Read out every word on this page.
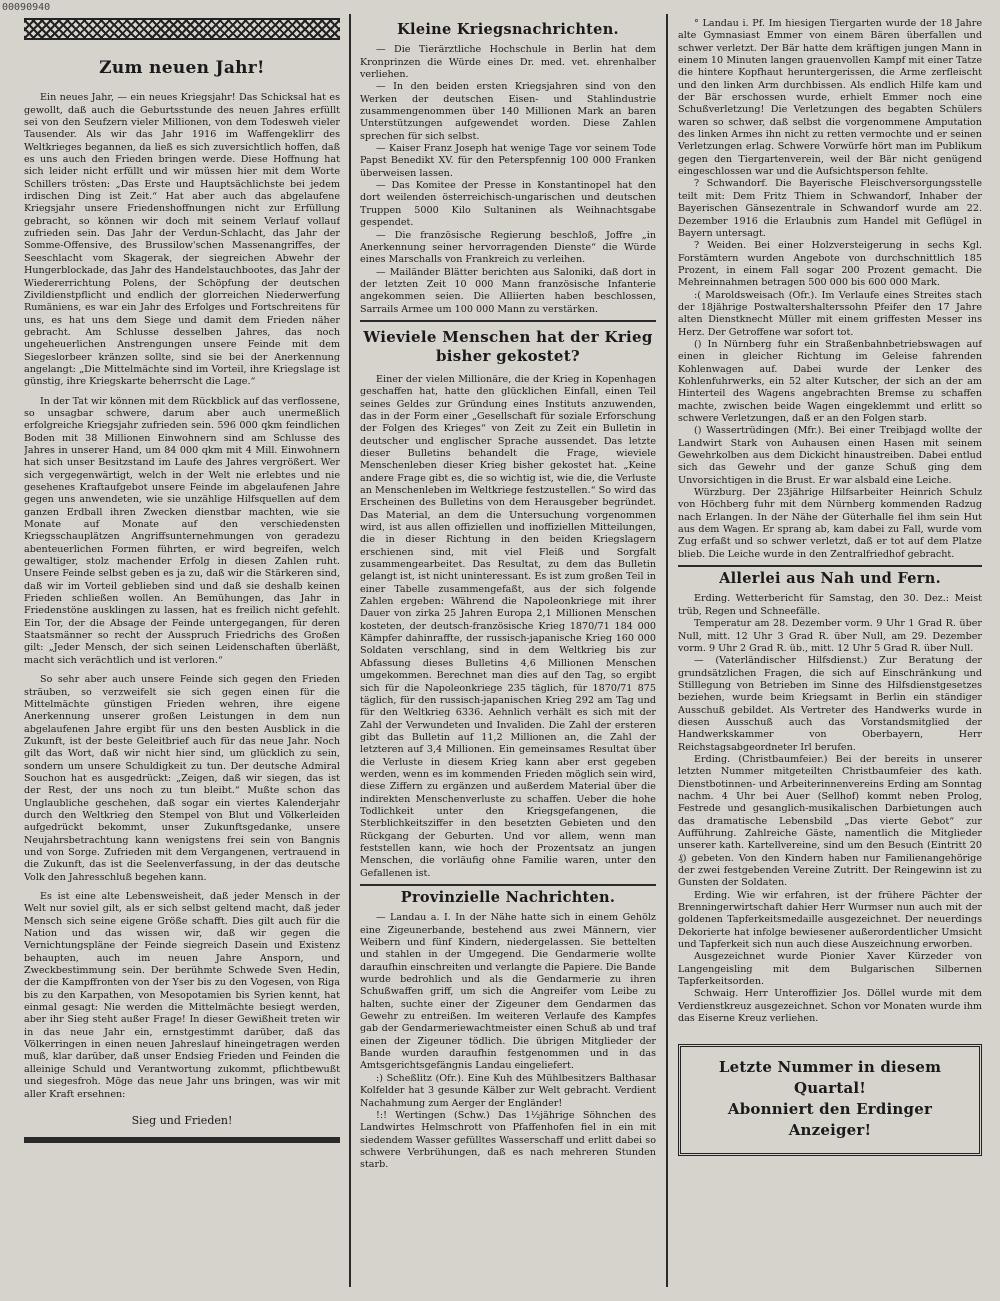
00090940
Zum neuen Jahr!

Ein neues Jahr, — ein neues Kriegsjahr! Das Schicksal hat es gewollt, daß auch die Geburtsstunde des neuen Jahres erfüllt sei von den Seufzern vieler Millionen, von dem Todesweh vieler Tausender. Als wir das Jahr 1916 im Waffengeklirr des Weltkrieges begannen, da ließ es sich zuversichtlich hoffen, daß es uns auch den Frieden bringen werde. Diese Hoffnung hat sich leider nicht erfüllt und wir müssen hier mit dem Worte Schillers trösten: „Das Erste und Hauptsächlichste bei jedem irdischen Ding ist Zeit.“ Hat aber auch das abgelaufene Kriegsjahr unsere Friedenshoffnungen nicht zur Erfüllung gebracht, so können wir doch mit seinem Verlauf vollauf zufrieden sein. Das Jahr der Verdun-Schlacht, das Jahr der Somme-Offensive, des Brussilow'schen Massenangriffes, der Seeschlacht vom Skagerak, der siegreichen Abwehr der Hungerblockade, das Jahr des Handelstauchbootes, das Jahr der Wiedererrichtung Polens, der Schöpfung der deutschen Zivildienstpflicht und endlich der glorreichen Niederwerfung Rumäniens, es war ein Jahr des Erfolges und Fortschreitens für uns, es hat uns dem Siege und damit dem Frieden näher gebracht. Am Schlusse desselben Jahres, das noch ungeheuerlichen Anstrengungen unsere Feinde mit dem Siegeslorbeer kränzen sollte, sind sie bei der Anerkennung angelangt: „Die Mittelmächte sind im Vorteil, ihre Kriegslage ist günstig, ihre Kriegskarte beherrscht die Lage.“

In der Tat wir können mit dem Rückblick auf das verflossene, so unsagbar schwere, darum aber auch unermeßlich erfolgreiche Kriegsjahr zufrieden sein. 596 000 qkm feindlichen Boden mit 38 Millionen Einwohnern sind am Schlusse des Jahres in unserer Hand, um 84 000 qkm mit 4 Mill. Einwohnern hat sich unser Besitzstand im Laufe des Jahres vergrößert. Wer sich vergegenwärtigt, welch in der Welt nie erlebtes und nie gesehenes Kraftaufgebot unsere Feinde im abgelaufenen Jahre gegen uns anwendeten, wie sie unzählige Hilfsquellen auf dem ganzen Erdball ihren Zwecken dienstbar machten, wie sie Monate auf Monate auf den verschiedensten Kriegsschauplätzen Angriffsunternehmungen von geradezu abenteuerlichen Formen führten, er wird begreifen, welch gewaltiger, stolz machender Erfolg in diesen Zahlen ruht. Unsere Feinde selbst geben es ja zu, daß wir die Stärkeren sind, daß wir im Vorteil geblieben sind und daß sie deshalb keinen Frieden schließen wollen. An Bemühungen, das Jahr in Friedenstöne ausklingen zu lassen, hat es freilich nicht gefehlt. Ein Tor, der die Absage der Feinde untergegangen, für deren Staatsmänner so recht der Ausspruch Friedrichs des Großen gilt: „Jeder Mensch, der sich seinen Leidenschaften überläßt, macht sich verächtlich und ist verloren.“

So sehr aber auch unsere Feinde sich gegen den Frieden sträuben, so verzweifelt sie sich gegen einen für die Mittelmächte günstigen Frieden wehren, ihre eigene Anerkennung unserer großen Leistungen in dem nun abgelaufenen Jahre ergibt für uns den besten Ausblick in die Zukunft, ist der beste Geleitbrief auch für das neue Jahr. Noch gilt das Wort, daß wir nicht hier sind, um glücklich zu sein, sondern um unsere Schuldigkeit zu tun. Der deutsche Admiral Souchon hat es ausgedrückt: „Zeigen, daß wir siegen, das ist der Rest, der uns noch zu tun bleibt.“ Mußte schon das Unglaubliche geschehen, daß sogar ein viertes Kalenderjahr durch den Weltkrieg den Stempel von Blut und Völkerleiden aufgedrückt bekommt, unser Zukunftsgedanke, unsere Neujahrsbetrachtung kann wenigstens frei sein von Bangnis und von Sorge. Zufrieden mit dem Vergangenen, vertrauend in die Zukunft, das ist die Seelenverfassung, in der das deutsche Volk den Jahresschluß begehen kann.

Es ist eine alte Lebensweisheit, daß jeder Mensch in der Welt nur soviel gilt, als er sich selbst geltend macht, daß jeder Mensch sich seine eigene Größe schafft. Dies gilt auch für die Nation und das wissen wir, daß wir gegen die Vernichtungspläne der Feinde siegreich Dasein und Existenz behaupten, auch im neuen Jahre Ansporn, und Zweckbestimmung sein. Der berühmte Schwede Sven Hedin, der die Kampffronten von der Yser bis zu den Vogesen, von Riga bis zu den Karpathen, von Mesopotamien bis Syrien kennt, hat einmal gesagt: Nie werden die Mittelmächte besiegt werden, aber ihr Sieg steht außer Frage! In dieser Gewißheit treten wir in das neue Jahr ein, ernstgestimmt darüber, daß das Völkerringen in einen neuen Jahreslauf hineingetragen werden muß, klar darüber, daß unser Endsieg Frieden und Feinden die alleinige Schuld und Verantwortung zukommt, pflichtbewußt und siegesfroh. Möge das neue Jahr uns bringen, was wir mit aller Kraft ersehnen:

Sieg und Frieden!
Kleine Kriegsnachrichten.

— Die Tierärztliche Hochschule in Berlin hat dem Kronprinzen die Würde eines Dr. med. vet. ehrenhalber verliehen.

— In den beiden ersten Kriegsjahren sind von den Werken der deutschen Eisen- und Stahlindustrie zusammengenommen über 140 Millionen Mark an baren Unterstützungen aufgewendet worden. Diese Zahlen sprechen für sich selbst.

— Kaiser Franz Joseph hat wenige Tage vor seinem Tode Papst Benedikt XV. für den Peterspfennig 100 000 Franken überweisen lassen.

— Das Komitee der Presse in Konstantinopel hat den dort weilenden österreichisch-ungarischen und deutschen Truppen 5000 Kilo Sultaninen als Weihnachtsgabe gespendet.

— Die französische Regierung beschloß, Joffre „in Anerkennung seiner hervorragenden Dienste“ die Würde eines Marschalls von Frankreich zu verleihen.

— Mailänder Blätter berichten aus Saloniki, daß dort in der letzten Zeit 10 000 Mann französische Infanterie angekommen seien. Die Alliierten haben beschlossen, Sarrails Armee um 100 000 Mann zu verstärken.

Wieviele Menschen hat der Krieg bisher gekostet?

Einer der vielen Millionäre, die der Krieg in Kopenhagen geschaffen hat, hatte den glücklichen Einfall, einen Teil seines Geldes zur Gründung eines Instituts anzuwenden, das in der Form einer „Gesellschaft für soziale Erforschung der Folgen des Krieges“ von Zeit zu Zeit ein Bulletin in deutscher und englischer Sprache aussendet. Das letzte dieser Bulletins behandelt die Frage, wieviele Menschenleben dieser Krieg bisher gekostet hat. „Keine andere Frage gibt es, die so wichtig ist, wie die, die Verluste an Menschenleben im Weltkriege festzustellen.“ So wird das Erscheinen des Bulletins von dem Herausgeber begründet. Das Material, an dem die Untersuchung vorgenommen wird, ist aus allen offiziellen und inoffiziellen Mitteilungen, die in dieser Richtung in den beiden Kriegslagern erschienen sind, mit viel Fleiß und Sorgfalt zusammengearbeitet. Das Resultat, zu dem das Bulletin gelangt ist, ist nicht uninteressant. Es ist zum großen Teil in einer Tabelle zusammengefaßt, aus der sich folgende Zahlen ergeben: Während die Napoleonkriege mit ihrer Dauer von zirka 25 Jahren Europa 2,1 Millionen Menschen kosteten, der deutsch-französische Krieg 1870/71 184 000 Kämpfer dahinraffte, der russisch-japanische Krieg 160 000 Soldaten verschlang, sind in dem Weltkrieg bis zur Abfassung dieses Bulletins 4,6 Millionen Menschen umgekommen. Berechnet man dies auf den Tag, so ergibt sich für die Napoleonkriege 235 täglich, für 1870/71 875 täglich, für den russisch-japanischen Krieg 292 am Tag und für den Weltkrieg 6336. Aehnlich verhält es sich mit der Zahl der Verwundeten und Invaliden. Die Zahl der ersteren gibt das Bulletin auf 11,2 Millionen an, die Zahl der letzteren auf 3,4 Millionen. Ein gemeinsames Resultat über die Verluste in diesem Krieg kann aber erst gegeben werden, wenn es im kommenden Frieden möglich sein wird, diese Ziffern zu ergänzen und außerdem Material über die indirekten Menschenverluste zu schaffen. Ueber die hohe Todlichkeit unter den Kriegsgefangenen, die Sterblichkeitsziffer in den besetzten Gebieten und den Rückgang der Geburten. Und vor allem, wenn man feststellen kann, wie hoch der Prozentsatz an jungen Menschen, die vorläufig ohne Familie waren, unter den Gefallenen ist.

Provinzielle Nachrichten.

— Landau a. I. In der Nähe hatte sich in einem Gehölz eine Zigeunerbande, bestehend aus zwei Männern, vier Weibern und fünf Kindern, niedergelassen. Sie bettelten und stahlen in der Umgegend. Die Gendarmerie wollte daraufhin einschreiten und verlangte die Papiere. Die Bande wurde bedrohlich und als die Gendarmerie zu ihren Schußwaffen griff, um sich die Angreifer vom Leibe zu halten, suchte einer der Zigeuner dem Gendarmen das Gewehr zu entreißen. Im weiteren Verlaufe des Kampfes gab der Gendarmeriewachtmeister einen Schuß ab und traf einen der Zigeuner tödlich. Die übrigen Mitglieder der Bande wurden daraufhin festgenommen und in das Amtsgerichtsgefängnis Landau eingeliefert.

:) Scheßlitz (Ofr.). Eine Kuh des Mühlbesitzers Balthasar Kolfelder hat 3 gesunde Kälber zur Welt gebracht. Verdient Nachahmung zum Aerger der Engländer!

!:! Wertingen (Schw.) Das 1½jährige Söhnchen des Landwirtes Helmschrott von Pfaffenhofen fiel in ein mit siedendem Wasser gefülltes Wasserschaff und erlitt dabei so schwere Verbrühungen, daß es nach mehreren Stunden starb.

° Landau i. Pf. Im hiesigen Tiergarten wurde der 18 Jahre alte Gymnasiast Emmer von einem Bären überfallen und schwer verletzt. Der Bär hatte dem kräftigen jungen Mann in einem 10 Minuten langen grauenvollen Kampf mit einer Tatze die hintere Kopfhaut heruntergerissen, die Arme zerfleischt und den linken Arm durchbissen. Als endlich Hilfe kam und der Bär erschossen wurde, erhielt Emmer noch eine Schußverletzung! Die Verletzungen des begabten Schülers waren so schwer, daß selbst die vorgenommene Amputation des linken Armes ihn nicht zu retten vermochte und er seinen Verletzungen erlag. Schwere Vorwürfe hört man im Publikum gegen den Tiergartenverein, weil der Bär nicht genügend eingeschlossen war und die Aufsichtsperson fehlte.

? Schwandorf. Die Bayerische Fleischversorgungsstelle teilt mit: Dem Fritz Thiem in Schwandorf, Inhaber der Bayerischen Gänsezentrale in Schwandorf wurde am 22. Dezember 1916 die Erlaubnis zum Handel mit Geflügel in Bayern untersagt.

? Weiden. Bei einer Holzversteigerung in sechs Kgl. Forstämtern wurden Angebote von durchschnittlich 185 Prozent, in einem Fall sogar 200 Prozent gemacht. Die Mehreinnahmen betragen 500 000 bis 600 000 Mark.

:( Maroldsweisach (Ofr.). Im Verlaufe eines Streites stach der 18jährige Postwaltershalterssohn Pfeifer den 17 Jahre alten Dienstknecht Müller mit einem griffesten Messer ins Herz. Der Getroffene war sofort tot.

() In Nürnberg fuhr ein Straßenbahnbetriebswagen auf einen in gleicher Richtung im Geleise fahrenden Kohlenwagen auf. Dabei wurde der Lenker des Kohlenfuhrwerks, ein 52 alter Kutscher, der sich an der am Hinterteil des Wagens angebrachten Bremse zu schaffen machte, zwischen beide Wagen eingeklemmt und erlitt so schwere Verletzungen, daß er an den Folgen starb.

() Wassertrüdingen (Mfr.). Bei einer Treibjagd wollte der Landwirt Stark von Auhausen einen Hasen mit seinem Gewehrkolben aus dem Dickicht hinaustreiben. Dabei entlud sich das Gewehr und der ganze Schuß ging dem Unvorsichtigen in die Brust. Er war alsbald eine Leiche.

Würzburg. Der 23jährige Hilfsarbeiter Heinrich Schulz von Höchberg fuhr mit dem Nürnberg kommenden Radzug nach Erlangen. In der Nähe der Güterhalle fiel ihm sein Hut aus dem Wagen. Er sprang ab, kam dabei zu Fall, wurde vom Zug erfaßt und so schwer verletzt, daß er tot auf dem Platze blieb. Die Leiche wurde in den Zentralfriedhof gebracht.

Allerlei aus Nah und Fern.

Erding. Wetterbericht für Samstag, den 30. Dez.: Meist trüb, Regen und Schneefälle.

Temperatur am 28. Dezember vorm. 9 Uhr 1 Grad R. über Null, mitt. 12 Uhr 3 Grad R. über Null, am 29. Dezember vorm. 9 Uhr 2 Grad R. üb., mitt. 12 Uhr 5 Grad R. über Null.

— (Vaterländischer Hilfsdienst.) Zur Beratung der grundsätzlichen Fragen, die sich auf Einschränkung und Stilllegung von Betrieben im Sinne des Hilfsdienstgesetzes beziehen, wurde beim Kriegsamt in Berlin ein ständiger Ausschuß gebildet. Als Vertreter des Handwerks wurde in diesen Ausschuß auch das Vorstandsmitglied der Handwerkskammer von Oberbayern, Herr Reichstagsabgeordneter Irl berufen.

Erding. (Christbaumfeier.) Bei der bereits in unserer letzten Nummer mitgeteilten Christbaumfeier des kath. Dienstbotinnen- und Arbeiterinnenvereins Erding am Sonntag nachm. 4 Uhr bei Auer (Sellhof) kommt neben Prolog, Festrede und gesanglich-musikalischen Darbietungen auch das dramatische Lebensbild „Das vierte Gebot“ zur Aufführung. Zahlreiche Gäste, namentlich die Mitglieder unserer kath. Kartellvereine, sind um den Besuch (Eintritt 20 ₰) gebeten. Von den Kindern haben nur Familienangehörige der zwei festgebenden Vereine Zutritt. Der Reingewinn ist zu Gunsten der Soldaten.

Erding. Wie wir erfahren, ist der frühere Pächter der Brenningerwirtschaft dahier Herr Wurmser nun auch mit der goldenen Tapferkeitsmedaille ausgezeichnet. Der neuerdings Dekorierte hat infolge bewiesener außerordentlicher Umsicht und Tapferkeit sich nun auch diese Auszeichnung erworben.

Ausgezeichnet wurde Pionier Xaver Kürzeder von Langengeisling mit dem Bulgarischen Silbernen Tapferkeitsorden.

Schwaig. Herr Unteroffizier Jos. Döllel wurde mit dem Verdienstkreuz ausgezeichnet. Schon vor Monaten wurde ihm das Eiserne Kreuz verliehen.

Letzte Nummer in diesem Quartal!
Abonniert den Erdinger Anzeiger!
